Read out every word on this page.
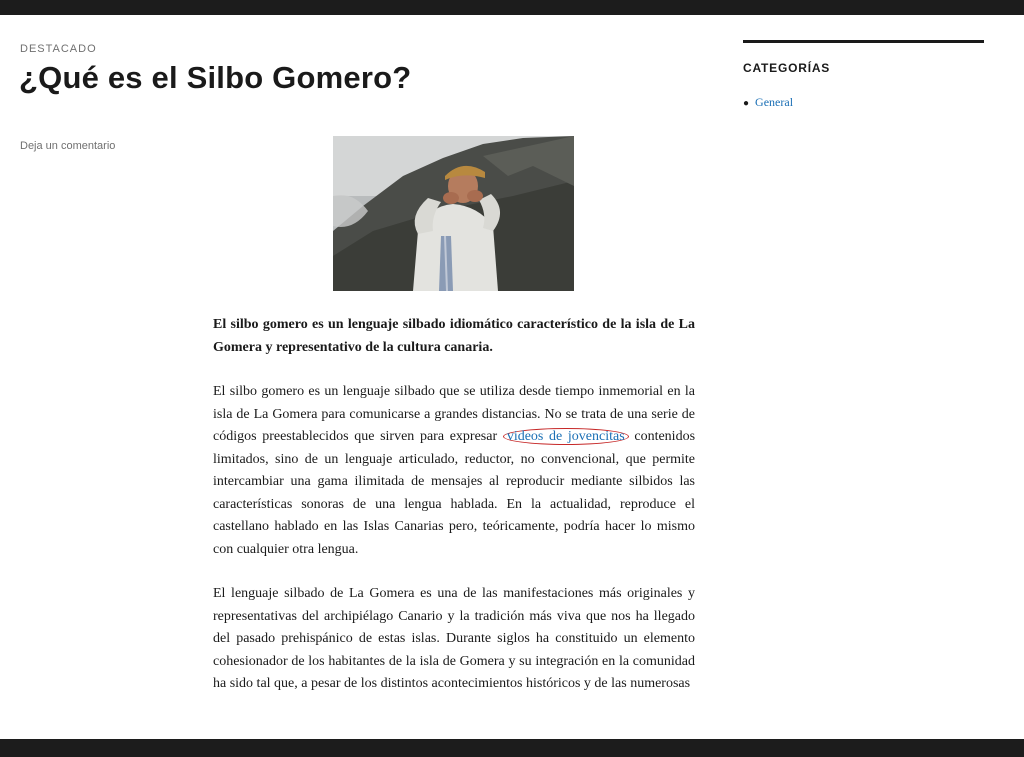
DESTACADO
¿Qué es el Silbo Gomero?
Deja un comentario

El silbo gomero es un lenguaje silbado idiomático característico de la isla de La Gomera y representativo de la cultura canaria.

El silbo gomero es un lenguaje silbado que se utiliza desde tiempo inmemorial en la isla de La Gomera para comunicarse a grandes distancias. No se trata de una serie de códigos preestablecidos que sirven para expresar videos de jovencitas contenidos limitados, sino de un lenguaje articulado, reductor, no convencional, que permite intercambiar una gama ilimitada de mensajes al reproducir mediante silbidos las características sonoras de una lengua hablada. En la actualidad, reproduce el castellano hablado en las Islas Canarias pero, teóricamente, podría hacer lo mismo con cualquier otra lengua.

El lenguaje silbado de La Gomera es una de las manifestaciones más originales y representativas del archipiélago Canario y la tradición más viva que nos ha llegado del pasado prehispánico de estas islas. Durante siglos ha constituido un elemento cohesionador de los habitantes de la isla de Gomera y su integración en la comunidad ha sido tal que, a pesar de los distintos acontecimientos históricos y de las numerosas

CATEGORÍAS
● General
